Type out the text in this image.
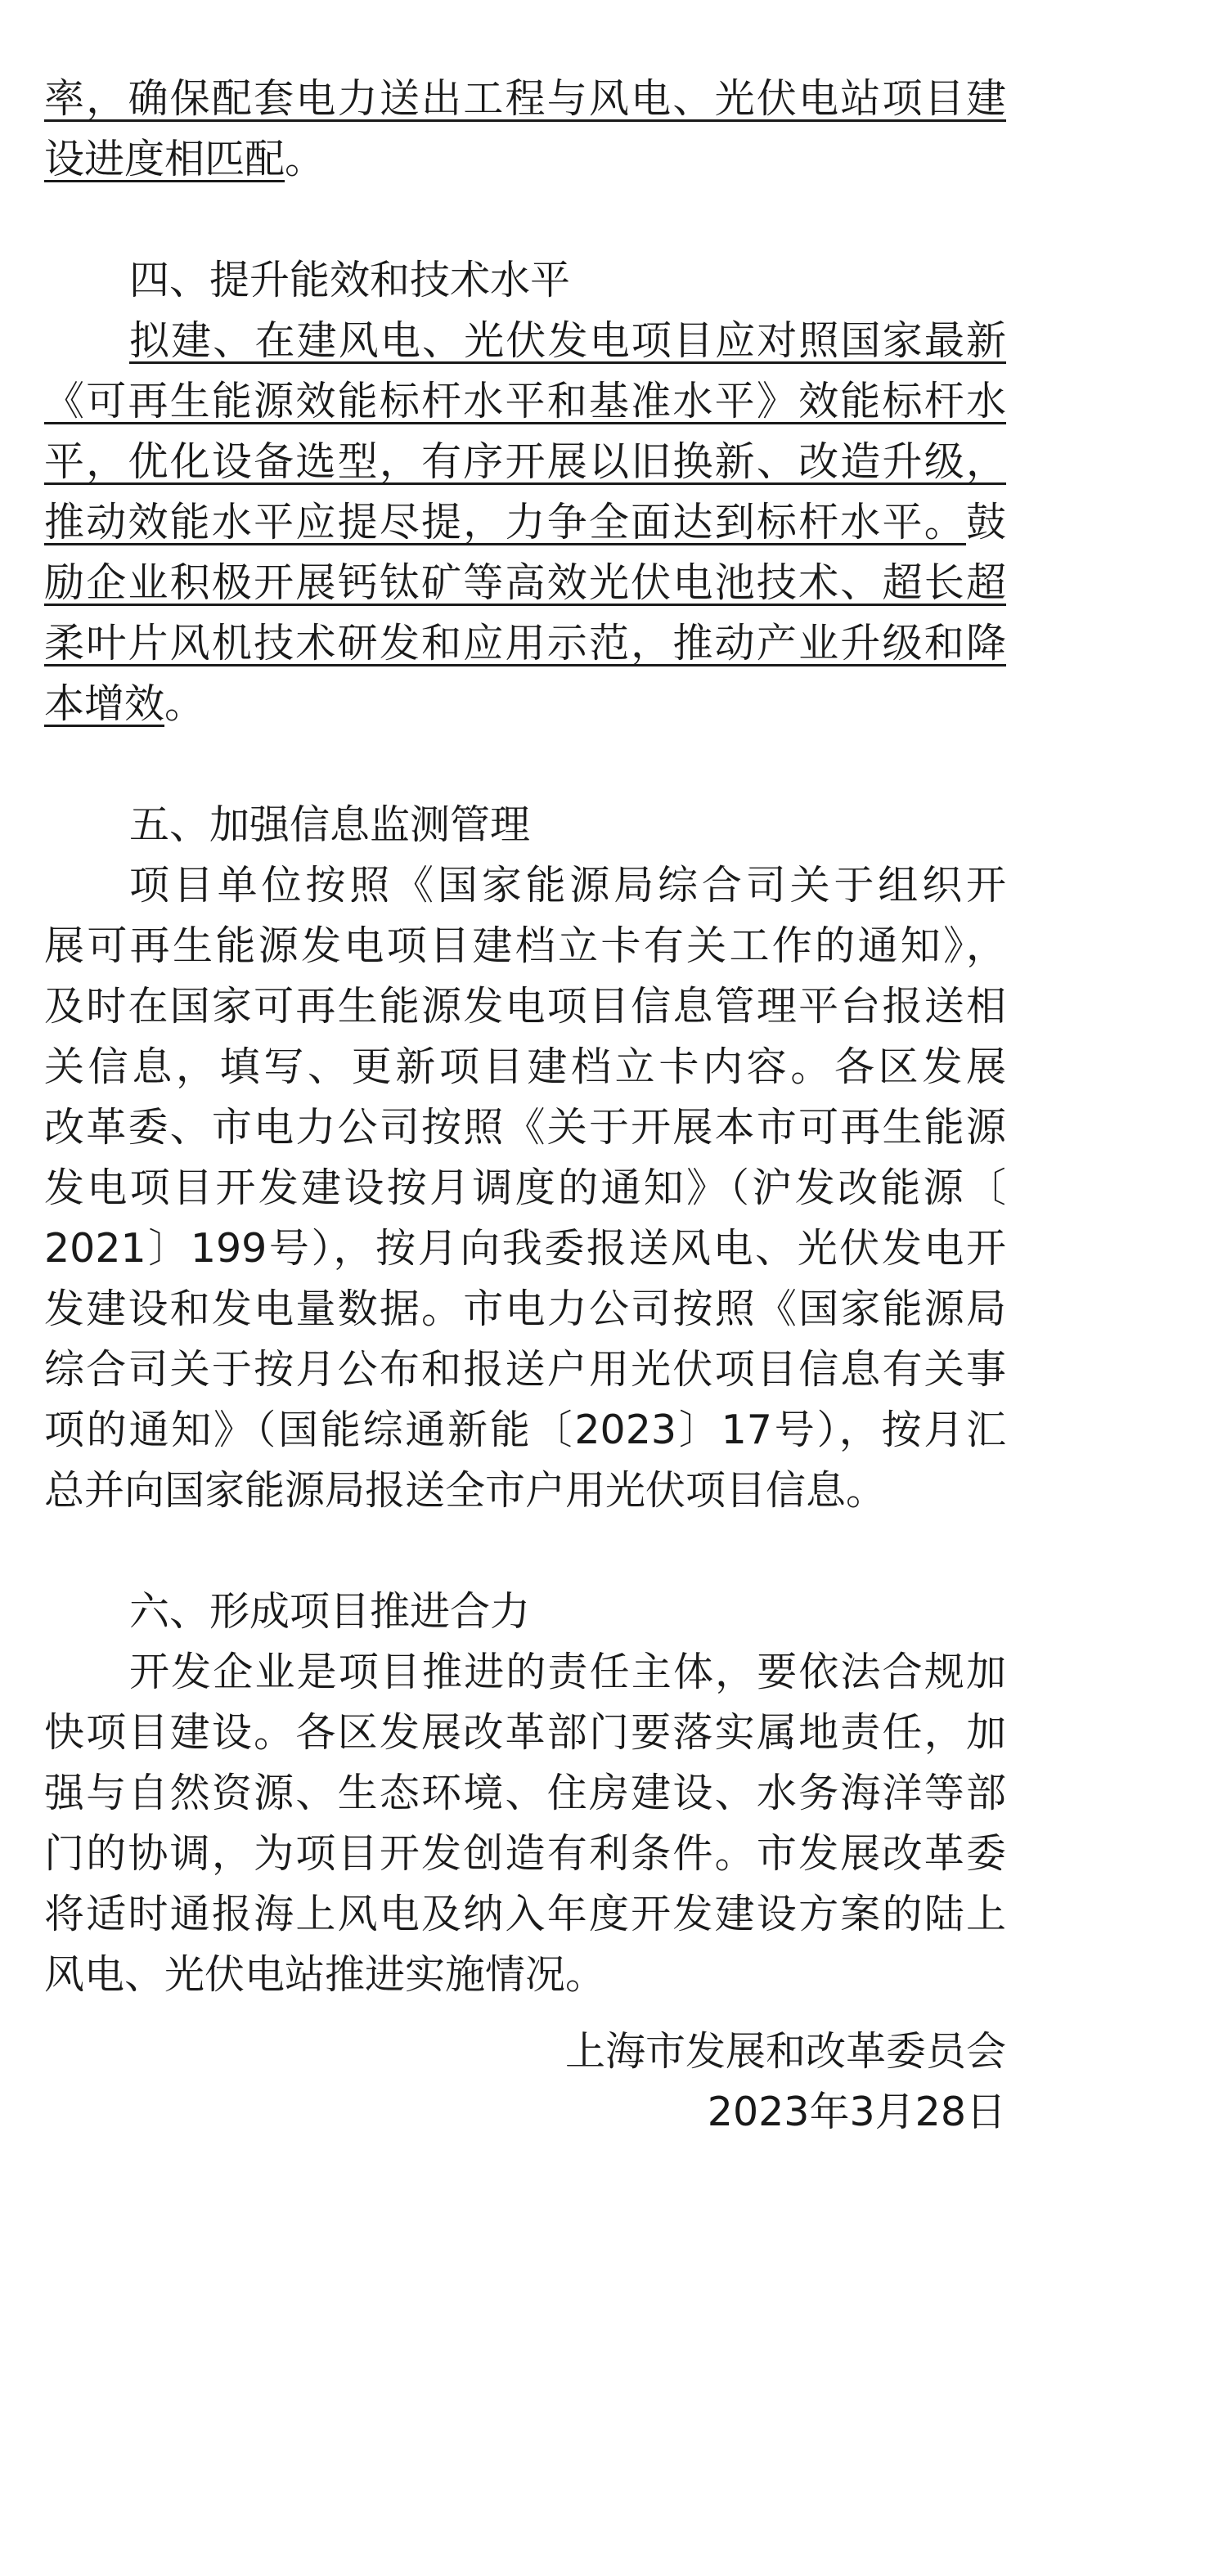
率，确保配套电力送出工程与风电、光伏电站项目建
设进度相匹配。
四、提升能效和技术水平
拟建、在建风电、光伏发电项目应对照国家最新
《可再生能源效能标杆水平和基准水平》效能标杆水
平，优化设备选型，有序开展以旧换新、改造升级，
推动效能水平应提尽提，力争全面达到标杆水平。鼓
励企业积极开展钙钛矿等高效光伏电池技术、超长超
柔叶片风机技术研发和应用示范，推动产业升级和降
本增效。
五、加强信息监测管理
项目单位按照《国家能源局综合司关于组织开
展可再生能源发电项目建档立卡有关工作的通知》，
及时在国家可再生能源发电项目信息管理平台报送相
关信息，填写、更新项目建档立卡内容。各区发展
改革委、市电力公司按照《关于开展本市可再生能源
发电项目开发建设按月调度的通知》（沪发改能源〔
2021〕199号），按月向我委报送风电、光伏发电开
发建设和发电量数据。市电力公司按照《国家能源局
综合司关于按月公布和报送户用光伏项目信息有关事
项的通知》（国能综通新能〔2023〕17号），按月汇
总并向国家能源局报送全市户用光伏项目信息。
六、形成项目推进合力
开发企业是项目推进的责任主体，要依法合规加
快项目建设。各区发展改革部门要落实属地责任，加
强与自然资源、生态环境、住房建设、水务海洋等部
门的协调，为项目开发创造有利条件。市发展改革委
将适时通报海上风电及纳入年度开发建设方案的陆上
风电、光伏电站推进实施情况。
上海市发展和改革委员会
2023年3月28日
